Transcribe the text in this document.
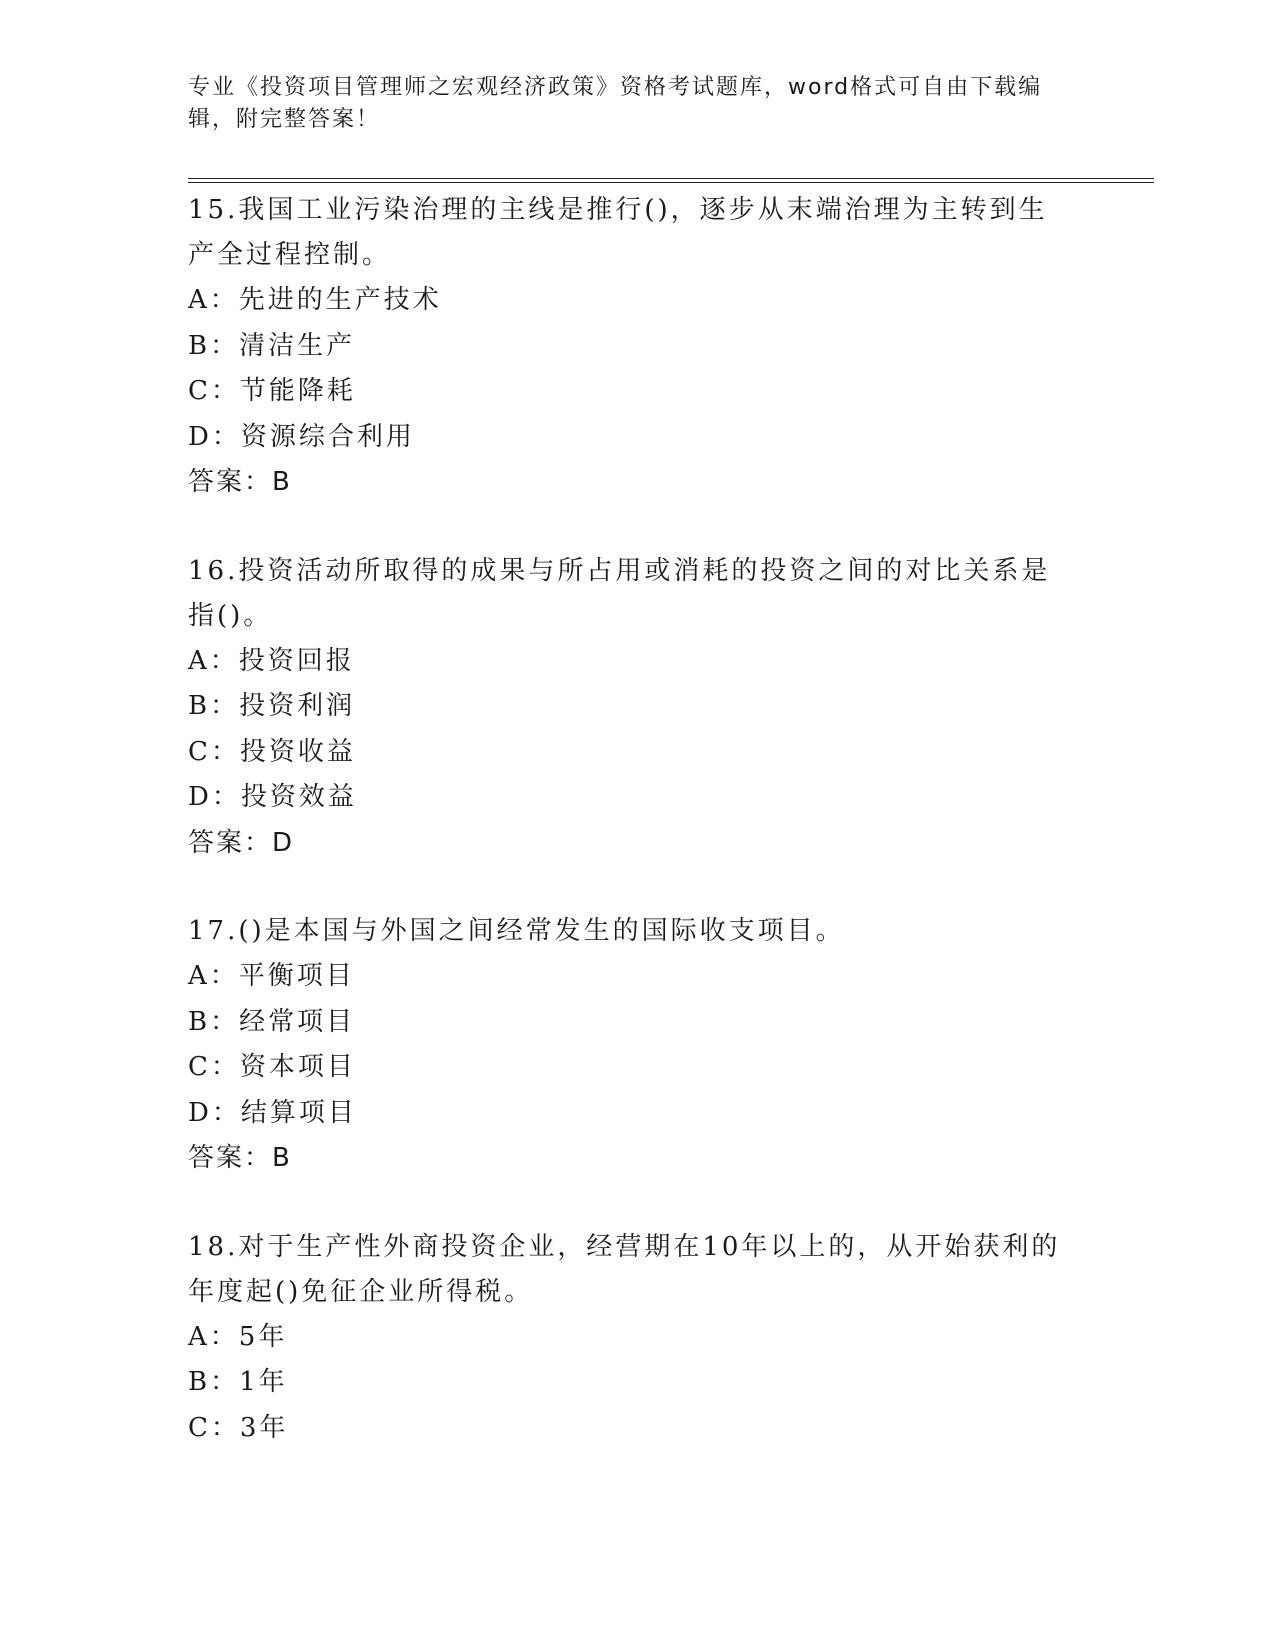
专业《投资项目管理师之宏观经济政策》资格考试题库，word格式可自由下载编辑，附完整答案！
15.我国工业污染治理的主线是推行()，逐步从末端治理为主转到生产全过程控制。
A：先进的生产技术
B：清洁生产
C：节能降耗
D：资源综合利用
答案：B
16.投资活动所取得的成果与所占用或消耗的投资之间的对比关系是指()。
A：投资回报
B：投资利润
C：投资收益
D：投资效益
答案：D
17.()是本国与外国之间经常发生的国际收支项目。
A：平衡项目
B：经常项目
C：资本项目
D：结算项目
答案：B
18.对于生产性外商投资企业，经营期在10年以上的，从开始获利的年度起()免征企业所得税。
A：5年
B：1年
C：3年
